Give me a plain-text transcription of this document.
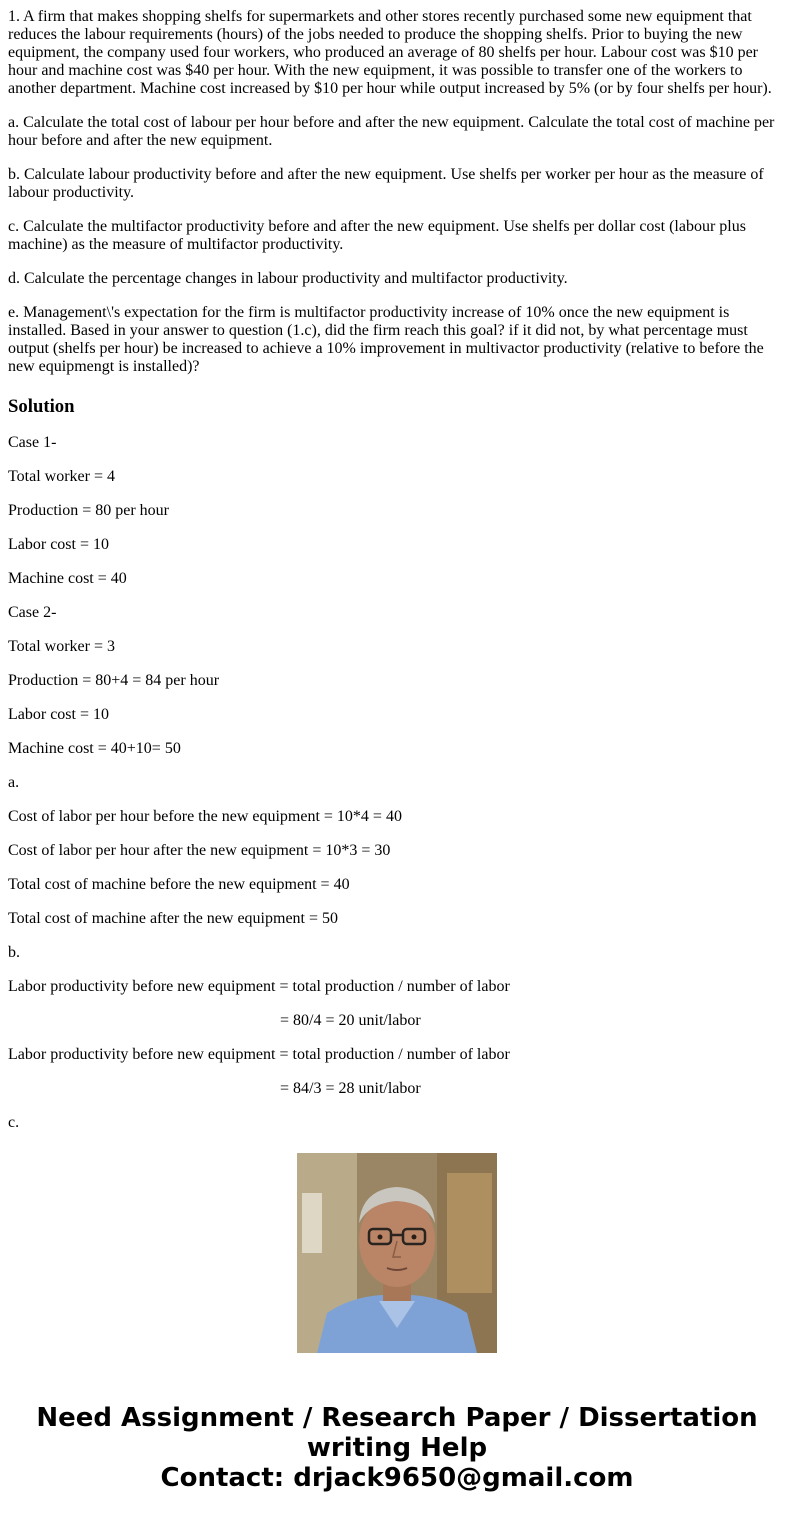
1. A firm that makes shopping shelfs for supermarkets and other stores recently purchased some new equipment that reduces the labour requirements (hours) of the jobs needed to produce the shopping shelfs. Prior to buying the new equipment, the company used four workers, who produced an average of 80 shelfs per hour. Labour cost was $10 per hour and machine cost was $40 per hour. With the new equipment, it was possible to transfer one of the workers to another department. Machine cost increased by $10 per hour while output increased by 5% (or by four shelfs per hour).

a. Calculate the total cost of labour per hour before and after the new equipment. Calculate the total cost of machine per hour before and after the new equipment.

b. Calculate labour productivity before and after the new equipment. Use shelfs per worker per hour as the measure of labour productivity.

c. Calculate the multifactor productivity before and after the new equipment. Use shelfs per dollar cost (labour plus machine) as the measure of multifactor productivity.

d. Calculate the percentage changes in labour productivity and multifactor productivity.

e. Management\'s expectation for the firm is multifactor productivity increase of 10% once the new equipment is installed. Based in your answer to question (1.c), did the firm reach this goal? if it did not, by what percentage must output (shelfs per hour) be increased to achieve a 10% improvement in multivactor productivity (relative to before the new equipmengt is installed)?

Solution

Case 1-

Total worker = 4

Production = 80 per hour

Labor cost = 10

Machine cost = 40

Case 2-

Total worker = 3

Production = 80+4 = 84 per hour

Labor cost = 10

Machine cost = 40+10= 50

a.

Cost of labor per hour before the new equipment = 10*4 = 40

Cost of labor per hour after the new equipment = 10*3 = 30

Total cost of machine before the new equipment = 40

Total cost of machine after the new equipment = 50

b.

Labor productivity before new equipment = total production / number of labor

= 80/4 = 20 unit/labor

Labor productivity before new equipment = total production / number of labor

= 84/3 = 28 unit/labor

c.

Need Assignment / Research Paper / Dissertation
writing Help
Contact: drjack9650@gmail.com
